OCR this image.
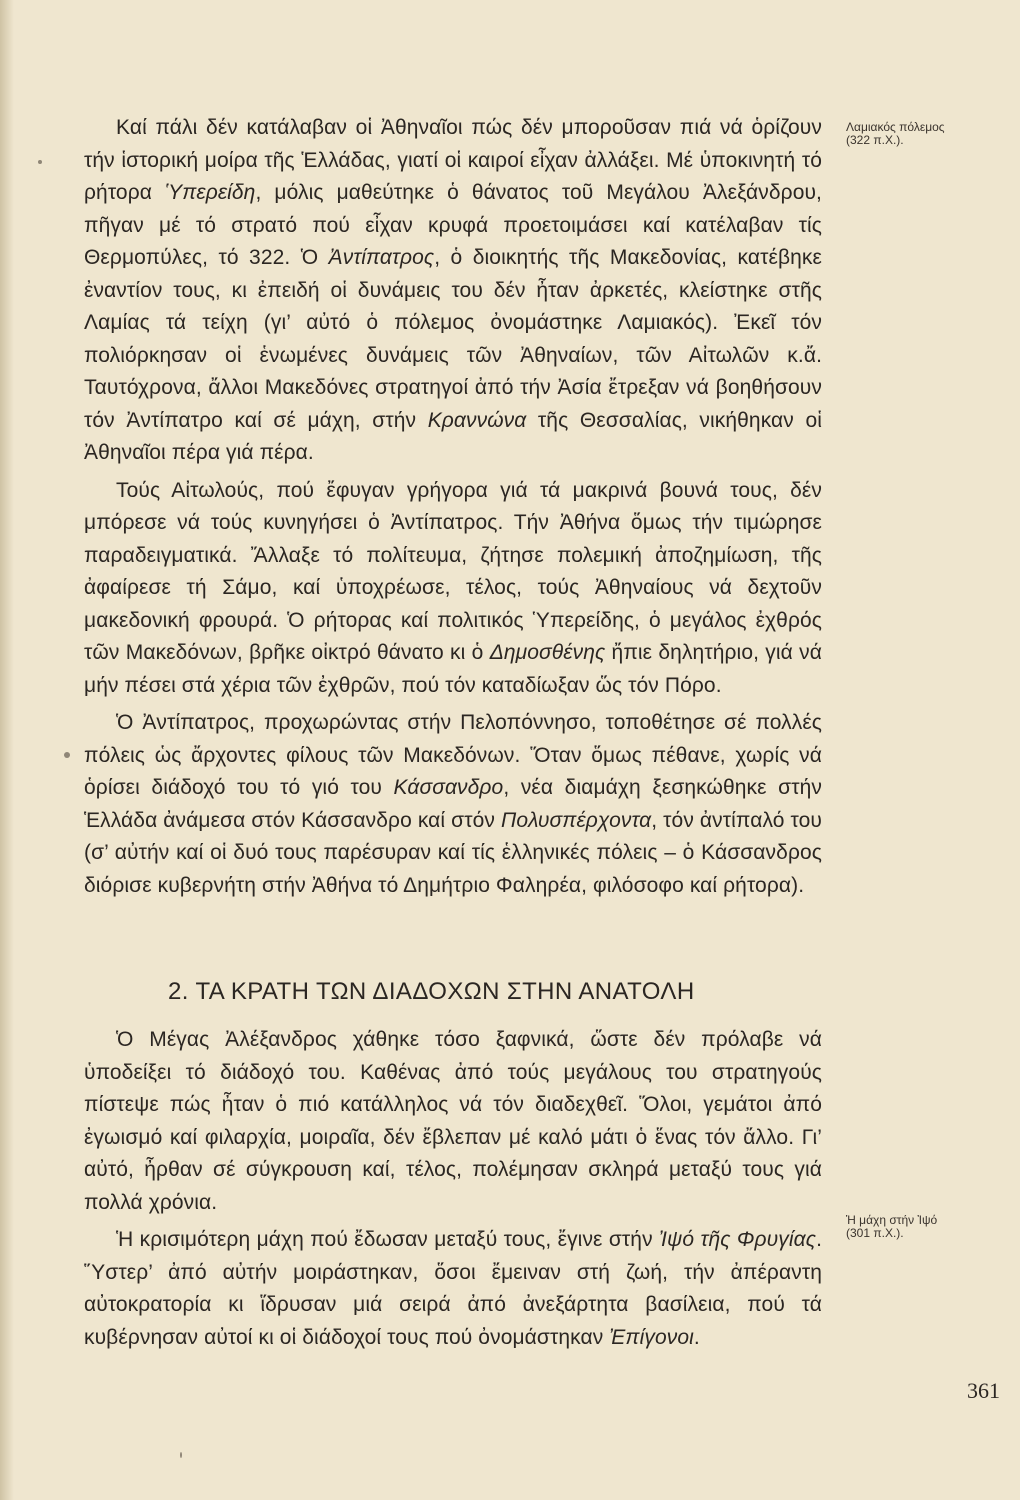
Καί πάλι δέν κατάλαβαν οἱ Ἀθηναῖοι πώς δέν μποροῦσαν πιά νά ὁρίζουν τήν ἱστορική μοίρα τῆς Ἑλλάδας, γιατί οἱ καιροί εἶχαν ἀλλάξει. Μέ ὑποκινητή τό ρήτορα Ὑπερείδη, μόλις μαθεύτηκε ὁ θάνατος τοῦ Μεγάλου Ἀλεξάνδρου, πῆγαν μέ τό στρατό πού εἶχαν κρυφά προετοιμάσει καί κατέλαβαν τίς Θερμοπύλες, τό 322. Ὁ Ἀντίπατρος, ὁ διοικητής τῆς Μακεδονίας, κατέβηκε ἐναντίον τους, κι ἐπειδή οἱ δυνάμεις του δέν ἦταν ἀρκετές, κλείστηκε στῆς Λαμίας τά τείχη (γι’ αὐτό ὁ πόλεμος ὀνομάστηκε Λαμιακός). Ἐκεῖ τόν πολιόρκησαν οἱ ἑνωμένες δυνάμεις τῶν Ἀθηναίων, τῶν Αἰτωλῶν κ.ἄ. Ταυτόχρονα, ἄλλοι Μακεδόνες στρατηγοί ἀπό τήν Ἀσία ἔτρεξαν νά βοηθήσουν τόν Ἀντίπατρο καί σέ μάχη, στήν Κραννώνα τῆς Θεσσαλίας, νικήθηκαν οἱ Ἀθηναῖοι πέρα γιά πέρα.

Τούς Αἰτωλούς, πού ἔφυγαν γρήγορα γιά τά μακρινά βουνά τους, δέν μπόρεσε νά τούς κυνηγήσει ὁ Ἀντίπατρος. Τήν Ἀθήνα ὅμως τήν τιμώρησε παραδειγματικά. Ἄλλαξε τό πολίτευμα, ζήτησε πολεμική ἀποζημίωση, τῆς ἀφαίρεσε τή Σάμο, καί ὑποχρέωσε, τέλος, τούς Ἀθηναίους νά δεχτοῦν μακεδονική φρουρά. Ὁ ρήτορας καί πολιτικός Ὑπερείδης, ὁ μεγάλος ἐχθρός τῶν Μακεδόνων, βρῆκε οἰκτρό θάνατο κι ὁ Δημοσθένης ἤπιε δηλητήριο, γιά νά μήν πέσει στά χέρια τῶν ἐχθρῶν, πού τόν καταδίωξαν ὥς τόν Πόρο.

Ὁ Ἀντίπατρος, προχωρώντας στήν Πελοπόννησο, τοποθέτησε σέ πολλές πόλεις ὡς ἄρχοντες φίλους τῶν Μακεδόνων. Ὅταν ὅμως πέθανε, χωρίς νά ὁρίσει διάδοχό του τό γιό του Κάσσανδρο, νέα διαμάχη ξεσηκώθηκε στήν Ἑλλάδα ἀνάμεσα στόν Κάσσανδρο καί στόν Πολυσπέρχοντα, τόν ἀντίπαλό του (σ’ αὐτήν καί οἱ δυό τους παρέσυραν καί τίς ἑλληνικές πόλεις – ὁ Κάσσανδρος διόρισε κυβερνήτη στήν Ἀθήνα τό Δημήτριο Φαληρέα, φιλόσοφο καί ρήτορα).

2. ΤΑ ΚΡΑΤΗ ΤΩΝ ΔΙΑΔΟΧΩΝ ΣΤΗΝ ΑΝΑΤΟΛΗ

Ὁ Μέγας Ἀλέξανδρος χάθηκε τόσο ξαφνικά, ὥστε δέν πρόλαβε νά ὑποδείξει τό διάδοχό του. Καθένας ἀπό τούς μεγάλους του στρατηγούς πίστεψε πώς ἦταν ὁ πιό κατάλληλος νά τόν διαδεχθεῖ. Ὅλοι, γεμάτοι ἀπό ἐγωισμό καί φιλαρχία, μοιραῖα, δέν ἔβλεπαν μέ καλό μάτι ὁ ἕνας τόν ἄλλο. Γι’ αὐτό, ἦρθαν σέ σύγκρουση καί, τέλος, πολέμησαν σκληρά μεταξύ τους γιά πολλά χρόνια.

Ἡ κρισιμότερη μάχη πού ἔδωσαν μεταξύ τους, ἔγινε στήν Ἰψό τῆς Φρυγίας. Ὕστερ’ ἀπό αὐτήν μοιράστηκαν, ὅσοι ἔμειναν στή ζωή, τήν ἀπέραντη αὐτοκρατορία κι ἵδρυσαν μιά σειρά ἀπό ἀνεξάρτητα βασίλεια, πού τά κυβέρνησαν αὐτοί κι οἱ διάδοχοί τους πού ὀνομάστηκαν Ἐπίγονοι.

Λαμιακός πόλεμος
(322 π.Χ.).
Ἡ μάχη στήν Ἰψό
(301 π.Χ.).
361
